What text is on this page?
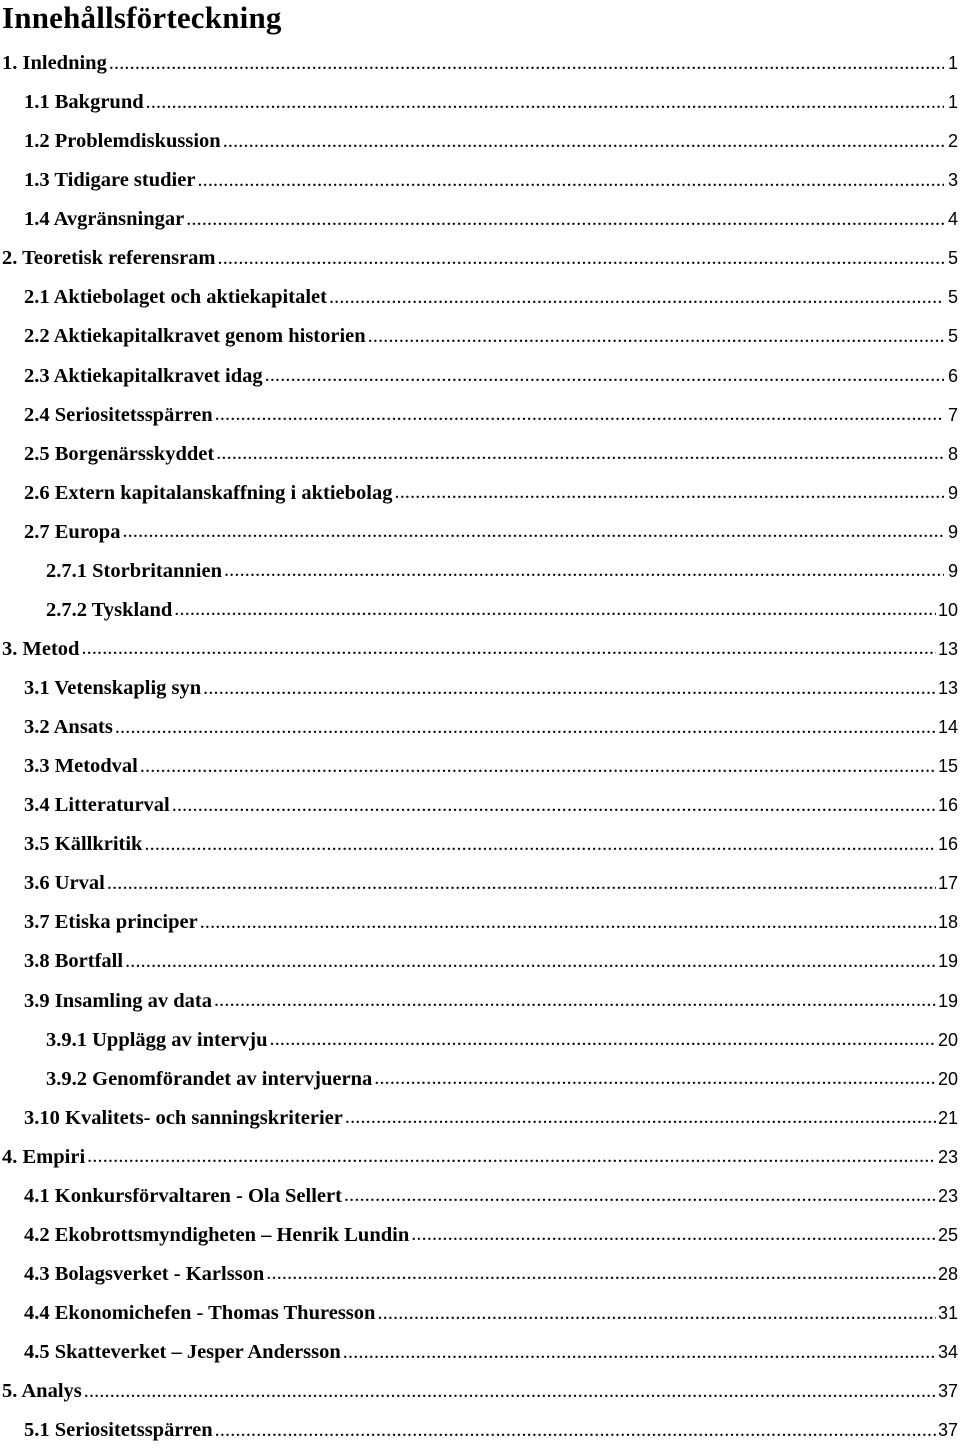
Innehållsförteckning
1. Inledning .....	1
1.1 Bakgrund .....	1
1.2 Problemdiskussion .....	2
1.3 Tidigare studier .....	3
1.4 Avgränsningar .....	4
2. Teoretisk referensram .....	5
2.1 Aktiebolaget och aktiekapitalet .....	5
2.2 Aktiekapitalkravet genom historien .....	5
2.3 Aktiekapitalkravet idag .....	6
2.4 Seriositetsspärren .....	7
2.5 Borgenärsskyddet .....	8
2.6 Extern kapitalanskaffning i aktiebolag .....	9
2.7 Europa .....	9
2.7.1 Storbritannien .....	9
2.7.2 Tyskland .....	10
3. Metod .....	13
3.1 Vetenskaplig syn .....	13
3.2 Ansats .....	14
3.3 Metodval .....	15
3.4 Litteraturval .....	16
3.5 Källkritik .....	16
3.6 Urval .....	17
3.7 Etiska principer .....	18
3.8 Bortfall .....	19
3.9 Insamling av data .....	19
3.9.1 Upplägg av intervju .....	20
3.9.2 Genomförandet av intervjuerna .....	20
3.10 Kvalitets- och sanningskriterier .....	21
4. Empiri .....	23
4.1 Konkursförvaltaren - Ola Sellert .....	23
4.2 Ekobrottsmyndigheten – Henrik Lundin .....	25
4.3 Bolagsverket - Karlsson .....	28
4.4 Ekonomichefen - Thomas Thuresson .....	31
4.5 Skatteverket – Jesper Andersson .....	34
5. Analys .....	37
5.1 Seriositetsspärren .....	37
